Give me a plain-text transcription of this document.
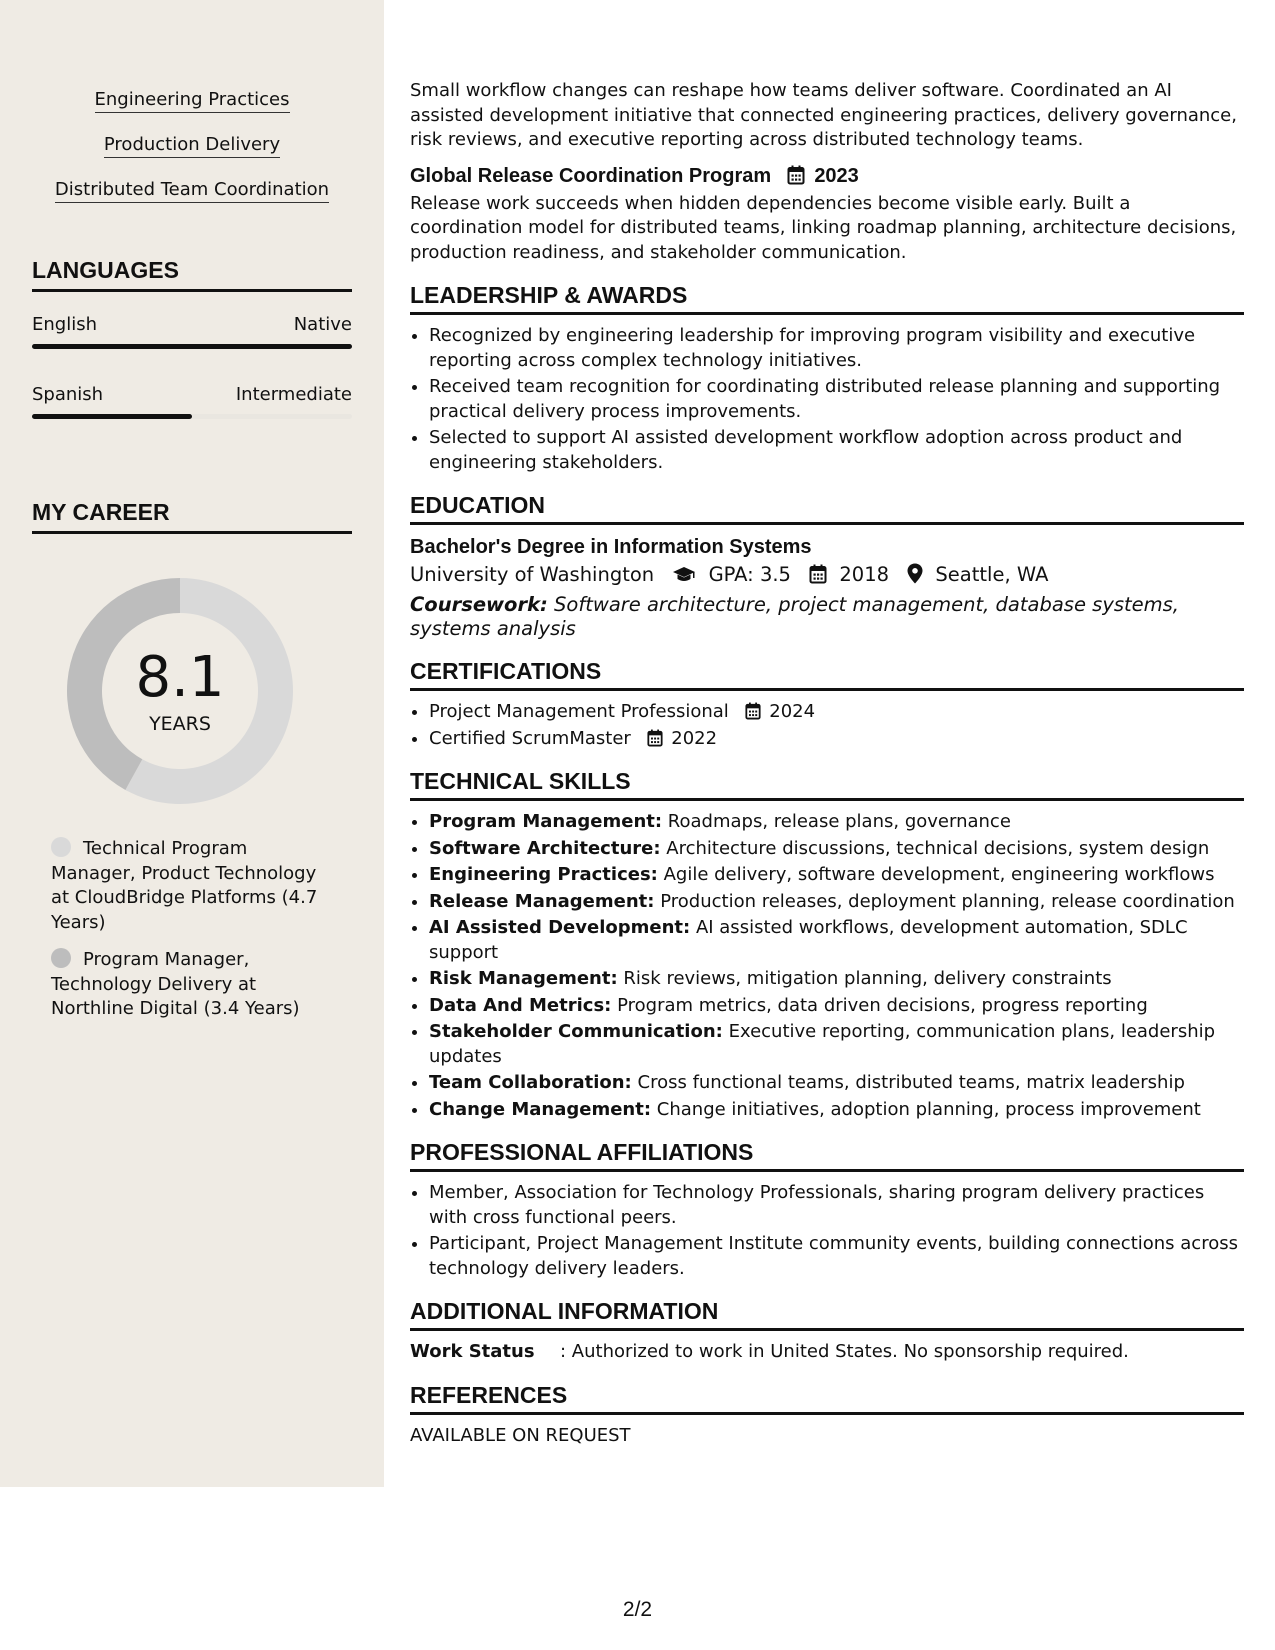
Engineering Practices
Production Delivery
Distributed Team Coordination
LANGUAGES
English	Native
Spanish	Intermediate
MY CAREER
8.1
YEARS
Technical Program Manager, Product Technology at CloudBridge Platforms (4.7 Years)
Program Manager, Technology Delivery at Northline Digital (3.4 Years)

Small workflow changes can reshape how teams deliver software. Coordinated an AI assisted development initiative that connected engineering practices, delivery governance, risk reviews, and executive reporting across distributed technology teams.

Global Release Coordination Program 2023

Release work succeeds when hidden dependencies become visible early. Built a coordination model for distributed teams, linking roadmap planning, architecture decisions, production readiness, and stakeholder communication.

LEADERSHIP & AWARDS
• Recognized by engineering leadership for improving program visibility and executive reporting across complex technology initiatives.
• Received team recognition for coordinating distributed release planning and supporting practical delivery process improvements.
• Selected to support AI assisted development workflow adoption across product and engineering stakeholders.
EDUCATION
Bachelor's Degree in Information Systems
University of Washington	GPA: 3.5 2018 Seattle, WA
Coursework: Software architecture, project management, database systems, systems analysis
CERTIFICATIONS
• Project Management Professional 2024
• Certified ScrumMaster 2022
TECHNICAL SKILLS
• Program Management: Roadmaps, release plans, governance
• Software Architecture: Architecture discussions, technical decisions, system design
• Engineering Practices: Agile delivery, software development, engineering workflows
• Release Management: Production releases, deployment planning, release coordination
• AI Assisted Development: AI assisted workflows, development automation, SDLC support
• Risk Management: Risk reviews, mitigation planning, delivery constraints
• Data And Metrics: Program metrics, data driven decisions, progress reporting
• Stakeholder Communication: Executive reporting, communication plans, leadership updates
• Team Collaboration: Cross functional teams, distributed teams, matrix leadership
• Change Management: Change initiatives, adoption planning, process improvement
PROFESSIONAL AFFILIATIONS
• Member, Association for Technology Professionals, sharing program delivery practices with cross functional peers.
• Participant, Project Management Institute community events, building connections across technology delivery leaders.
ADDITIONAL INFORMATION
Work Status	: Authorized to work in United States. No sponsorship required.
REFERENCES

AVAILABLE ON REQUEST

2/2
